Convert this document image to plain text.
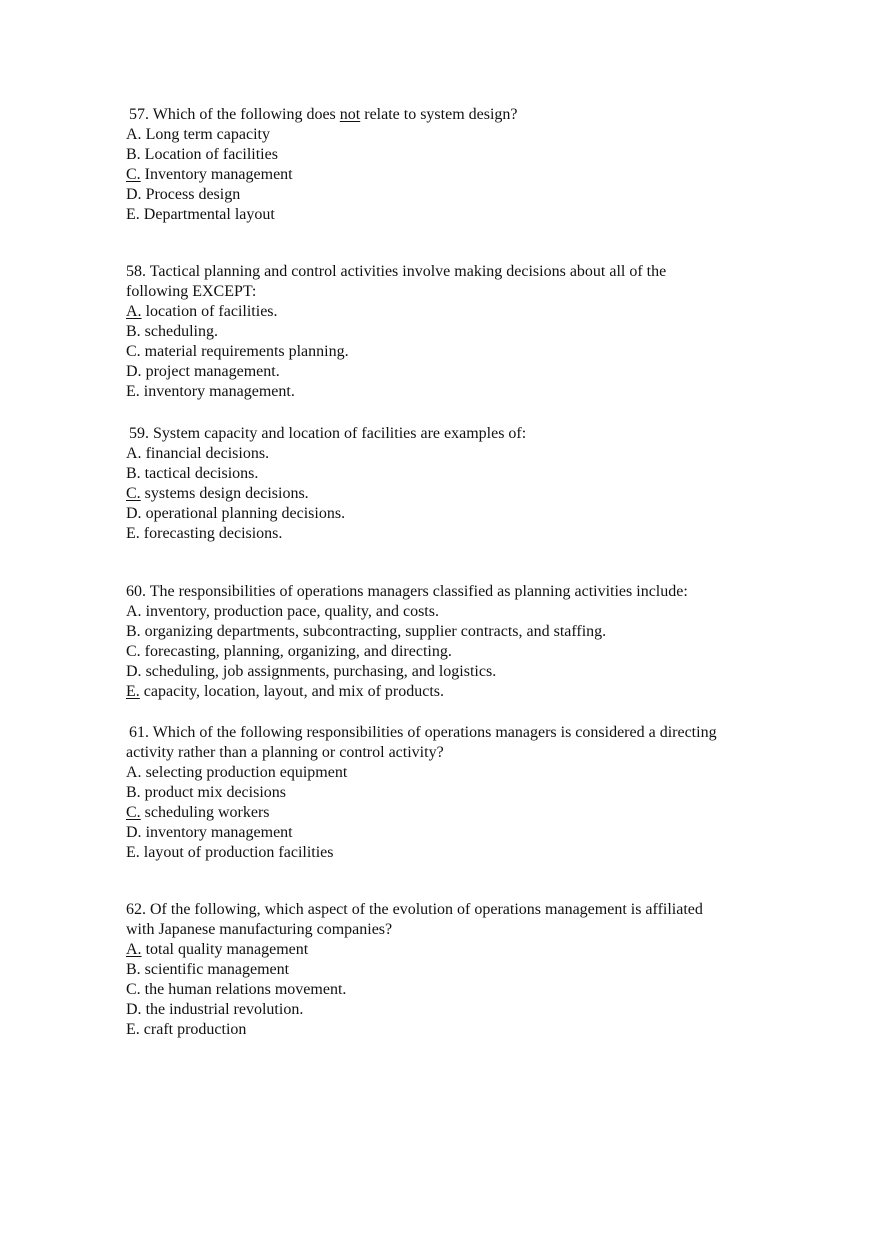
57. Which of the following does not relate to system design?

A. Long term capacity
B. Location of facilities
C. Inventory management
D. Process design
E. Departmental layout

58. Tactical planning and control activities involve making decisions about all of the
following EXCEPT:

A. location of facilities.
B. scheduling.
C. material requirements planning.
D. project management.
E. inventory management.

59. System capacity and location of facilities are examples of:

A. financial decisions.
B. tactical decisions.
C. systems design decisions.
D. operational planning decisions.
E. forecasting decisions.

60. The responsibilities of operations managers classified as planning activities include:

A. inventory, production pace, quality, and costs.
B. organizing departments, subcontracting, supplier contracts, and staffing.
C. forecasting, planning, organizing, and directing.
D. scheduling, job assignments, purchasing, and logistics.
E. capacity, location, layout, and mix of products.

61. Which of the following responsibilities of operations managers is considered a directing
activity rather than a planning or control activity?

A. selecting production equipment
B. product mix decisions
C. scheduling workers
D. inventory management
E. layout of production facilities

62. Of the following, which aspect of the evolution of operations management is affiliated
with Japanese manufacturing companies?

A. total quality management
B. scientific management
C. the human relations movement.
D. the industrial revolution.
E. craft production
